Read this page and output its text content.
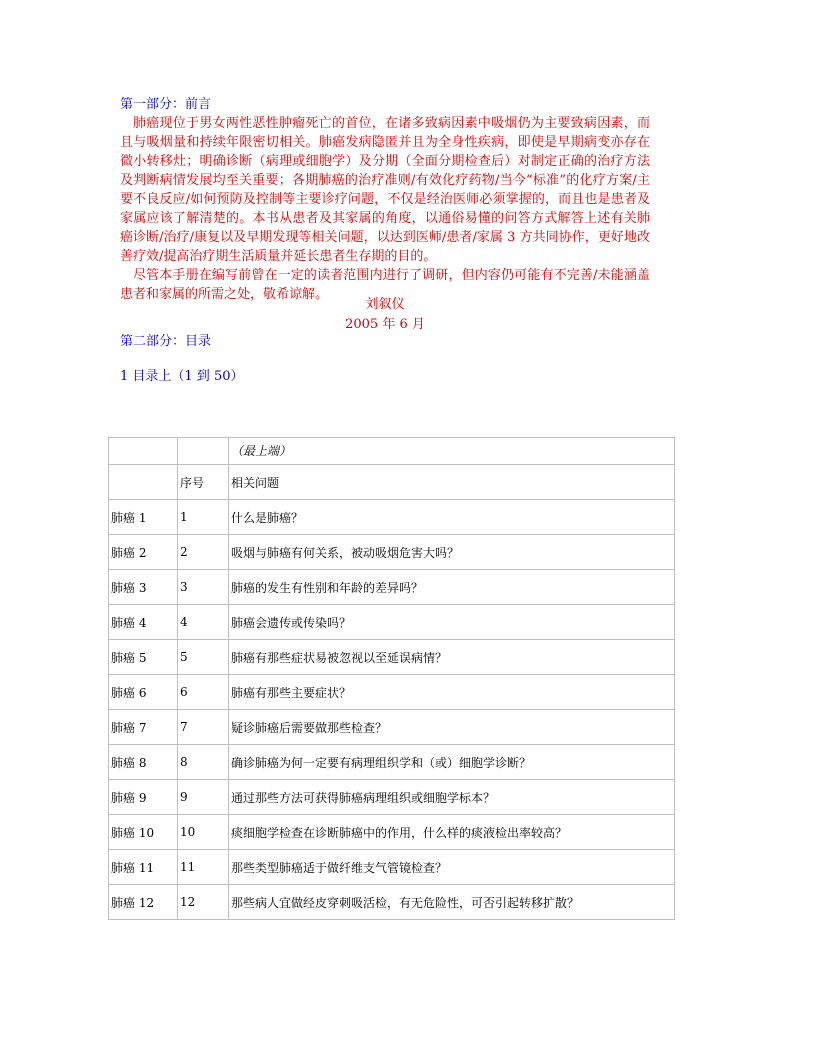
第一部分：前言

肺癌现位于男女两性恶性肿瘤死亡的首位，在诸多致病因素中吸烟仍为主要致病因素，而且与吸烟量和持续年限密切相关。肺癌发病隐匿并且为全身性疾病，即使是早期病变亦存在微小转移灶；明确诊断（病理或细胞学）及分期（全面分期检查后）对制定正确的治疗方法及判断病情发展均至关重要；各期肺癌的治疗准则/有效化疗药物/当今“标准”的化疗方案/主要不良反应/如何预防及控制等主要诊疗问题，不仅是经治医师必须掌握的，而且也是患者及家属应该了解清楚的。本书从患者及其家属的角度，以通俗易懂的问答方式解答上述有关肺癌诊断/治疗/康复以及早期发现等相关问题，以达到医师/患者/家属 3 方共同协作，更好地改善疗效/提高治疗期生活质量并延长患者生存期的目的。

尽管本手册在编写前曾在一定的读者范围内进行了调研，但内容仍可能有不完善/未能涵盖患者和家属的所需之处，敬希谅解。

刘叙仪
2005 年 6 月
第二部分：目录
1 目录上（1 到 50）
		（最上端）
	序号	相关问题
肺癌 1	1	什么是肺癌？
肺癌 2	2	吸烟与肺癌有何关系，被动吸烟危害大吗？
肺癌 3	3	肺癌的发生有性别和年龄的差异吗？
肺癌 4	4	肺癌会遗传或传染吗？
肺癌 5	5	肺癌有那些症状易被忽视以至延误病情？
肺癌 6	6	肺癌有那些主要症状？
肺癌 7	7	疑诊肺癌后需要做那些检查？
肺癌 8	8	确诊肺癌为何一定要有病理组织学和（或）细胞学诊断？
肺癌 9	9	通过那些方法可获得肺癌病理组织或细胞学标本？
肺癌 10	10	痰细胞学检查在诊断肺癌中的作用，什么样的痰液检出率较高？
肺癌 11	11	那些类型肺癌适于做纤维支气管镜检查？
肺癌 12	12	那些病人宜做经皮穿刺吸活检，有无危险性，可否引起转移扩散？
